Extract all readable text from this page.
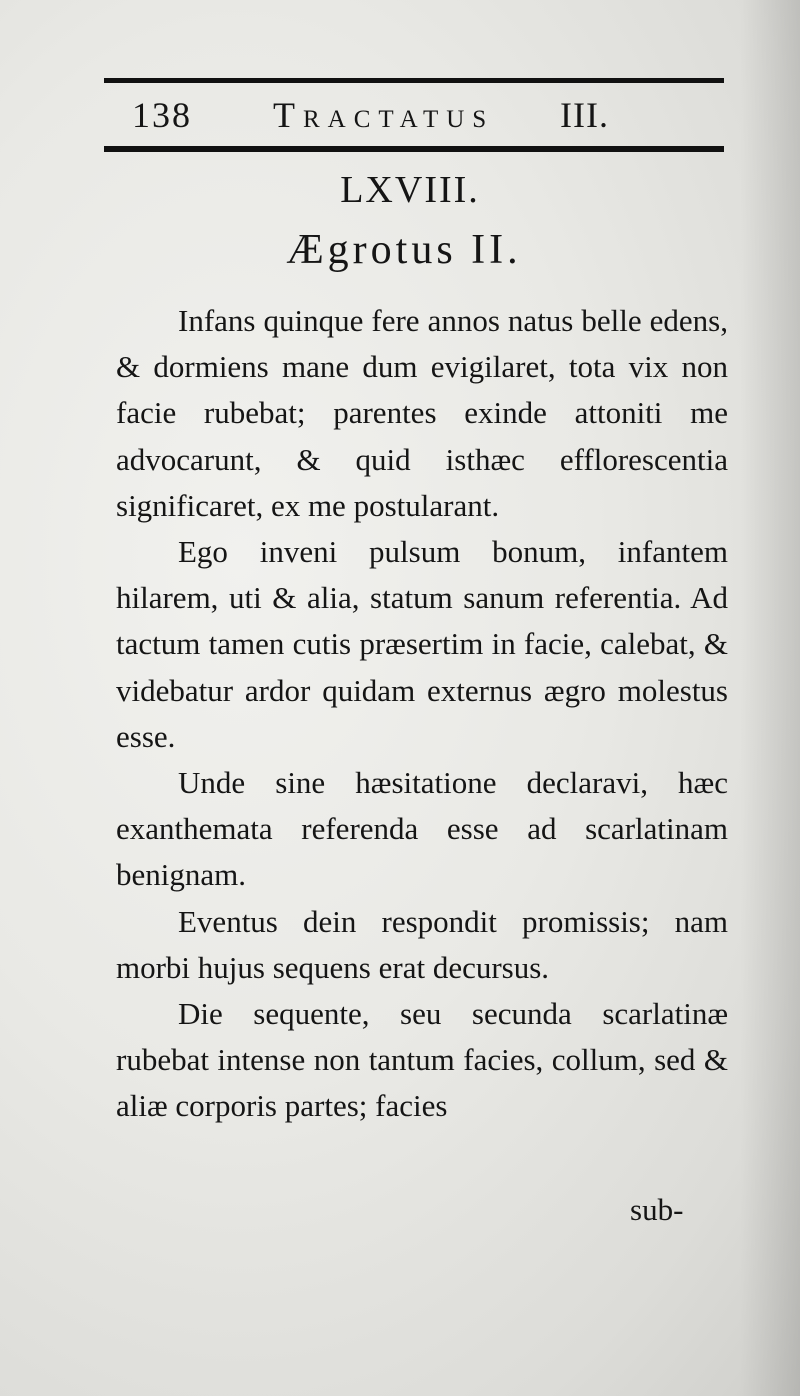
138 Tractatus III.
LXVIII.
Ægrotus II.

Infans quinque fere annos natus belle edens, & dormiens mane dum evigilaret, tota vix non facie rubebat; parentes exinde attoniti me advocarunt, & quid isthæc efflorescentia significaret, ex me postularant.

Ego inveni pulsum bonum, infantem hilarem, uti & alia, statum sanum referentia. Ad tactum tamen cutis præsertim in facie, calebat, & videbatur ardor quidam externus ægro molestus esse.

Unde sine hæsitatione declaravi, hæc exanthemata referenda esse ad scarlatinam benignam.

Eventus dein respondit promissis; nam morbi hujus sequens erat decursus.

Die sequente, seu secunda scarlatinæ rubebat intense non tantum facies, collum, sed & aliæ corporis partes; facies

sub-
